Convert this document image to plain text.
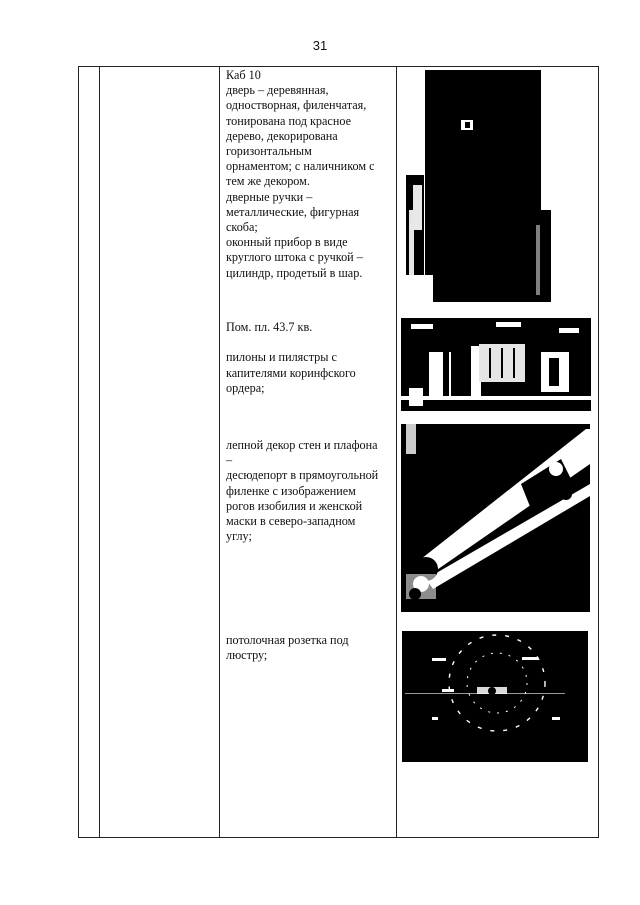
31
Каб 10
дверь – деревянная,
одностворная, филенчатая,
тонирована под красное
дерево, декорирована
горизонтальным
орнаментом; с наличником с
тем же декором.
дверные ручки –
металлические, фигурная
скоба;
оконный прибор в виде
круглого штока с ручкой –
цилиндр, продетый в шар.
Пом. пл. 43.7 кв.

пилоны и пилястры с
капителями коринфского
ордера;
лепной декор стен и плафона
–
десюдепорт в прямоугольной
филенке с изображением
рогов изобилия и женской
маски в северо-западном
углу;
потолочная розетка под
люстру;
